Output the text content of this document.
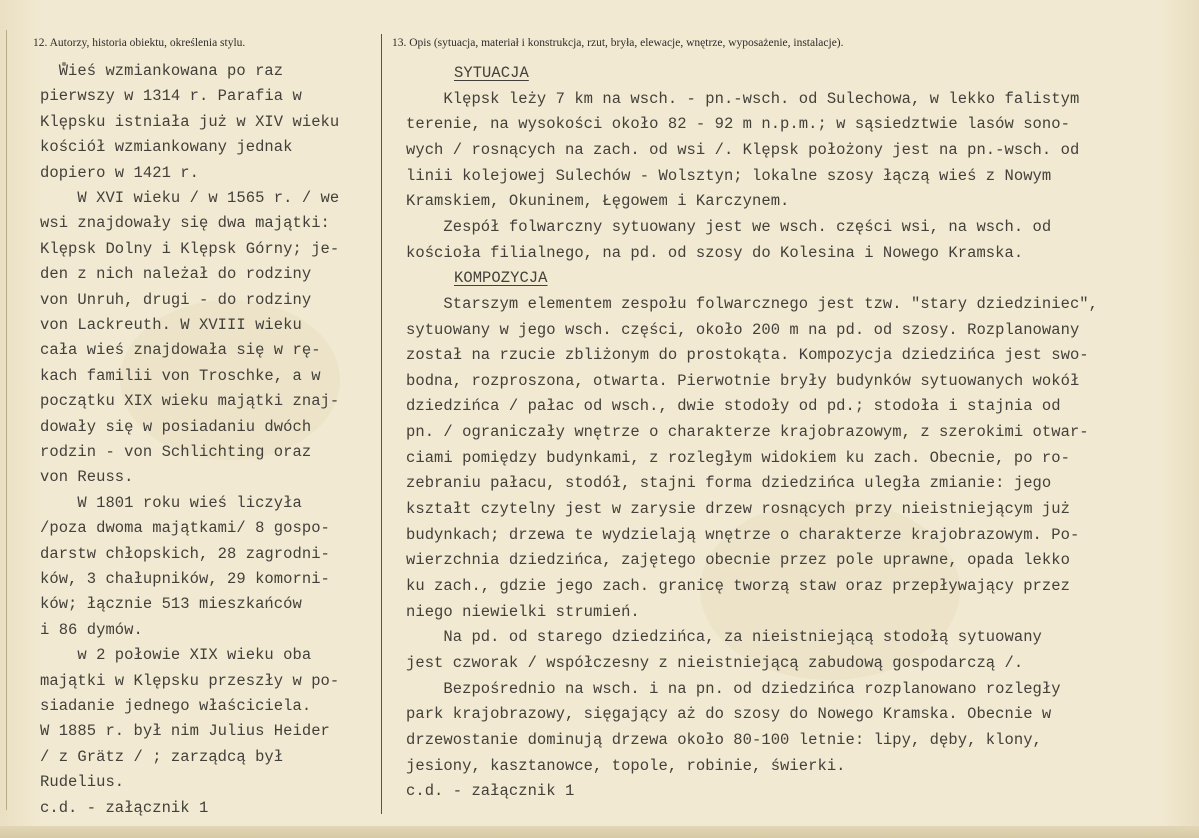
12. Autorzy, historia obiektu, określenia stylu.	13. Opis (sytuacja, materiał i konstrukcja, rzut, bryła, elewacje, wnętrze, wyposażenie, instalacje).
Wieś wzmiankowana po raz
pierwszy w 1314 r. Parafia w
Klępsku istniała już w XIV wieku
kościół wzmiankowany jednak
dopiero w 1421 r.
W XVI wieku / w 1565 r. / we
wsi znajdowały się dwa majątki:
Klępsk Dolny i Klępsk Górny; je-
den z nich należał do rodziny
von Unruh, drugi - do rodziny
von Lackreuth. W XVIII wieku
cała wieś znajdowała się w rę-
kach familii von Troschke, a w
początku XIX wieku majątki znaj-
dowały się w posiadaniu dwóch
rodzin - von Schlichting oraz
von Reuss.
W 1801 roku wieś liczyła
/poza dwoma majątkami/ 8 gospo-
darstw chłopskich, 28 zagrodni-
ków, 3 chałupników, 29 komorni-
ków; łącznie 513 mieszkańców
i 86 dymów.
w 2 połowie XIX wieku oba
majątki w Klępsku przeszły w po-
siadanie jednego właściciela.
W 1885 r. był nim Julius Heider
/ z Grätz / ; zarządcą był
Rudelius.
c.d. - załącznik 1
SYTUACJA
Klępsk leży 7 km na wsch. - pn.-wsch. od Sulechowa, w lekko falistym
terenie, na wysokości około 82 - 92 m n.p.m.; w sąsiedztwie lasów sono-
wych / rosnących na zach. od wsi /. Klępsk położony jest na pn.-wsch. od
linii kolejowej Sulechów - Wolsztyn; lokalne szosy łączą wieś z Nowym
Kramskiem, Okuninem, Łęgowem i Karczynem.
Zespół folwarczny sytuowany jest we wsch. części wsi, na wsch. od
kościoła filialnego, na pd. od szosy do Kolesina i Nowego Kramska.
KOMPOZYCJA
Starszym elementem zespołu folwarcznego jest tzw. "stary dziedziniec",
sytuowany w jego wsch. części, około 200 m na pd. od szosy. Rozplanowany
został na rzucie zbliżonym do prostokąta. Kompozycja dziedzińca jest swo-
bodna, rozproszona, otwarta. Pierwotnie bryły budynków sytuowanych wokół
dziedzińca / pałac od wsch., dwie stodoły od pd.; stodoła i stajnia od
pn. / ograniczały wnętrze o charakterze krajobrazowym, z szerokimi otwar-
ciami pomiędzy budynkami, z rozległym widokiem ku zach. Obecnie, po ro-
zebraniu pałacu, stodół, stajni forma dziedzińca uległa zmianie: jego
kształt czytelny jest w zarysie drzew rosnących przy nieistniejącym już
budynkach; drzewa te wydzielają wnętrze o charakterze krajobrazowym. Po-
wierzchnia dziedzińca, zajętego obecnie przez pole uprawne, opada lekko
ku zach., gdzie jego zach. granicę tworzą staw oraz przepływający przez
niego niewielki strumień.
Na pd. od starego dziedzińca, za nieistniejącą stodołą sytuowany
jest czworak / współczesny z nieistniejącą zabudową gospodarczą /.
Bezpośrednio na wsch. i na pn. od dziedzińca rozplanowano rozległy
park krajobrazowy, sięgający aż do szosy do Nowego Kramska. Obecnie w
drzewostanie dominują drzewa około 80-100 letnie: lipy, dęby, klony,
jesiony, kasztanowce, topole, robinie, świerki.
c.d. - załącznik 1
